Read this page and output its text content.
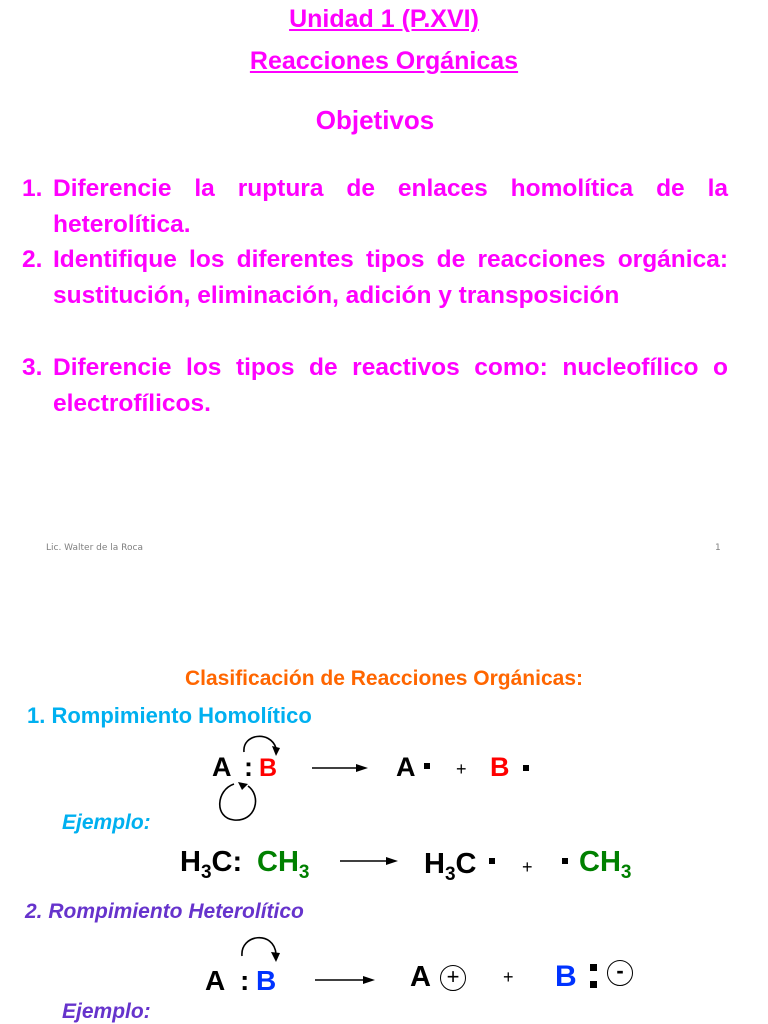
Unidad 1 (P.XVI)
Reacciones Orgánicas
Objetivos
1. Diferencie la ruptura de enlaces homolítica de la heterolítica.
2. Identifique los diferentes tipos de reacciones orgánica: sustitución, eliminación, adición y transposición
3. Diferencie los tipos de reactivos como: nucleofílico o electrofílicos.
Lic. Walter de la Roca	1
Clasificación de Reacciones Orgánicas:
1. Rompimiento Homolítico
A : B → A + B
Ejemplo:
$H_3C$: $CH_3 \to H_3C$	+ $CH_3$
2. Rompimiento Heterolítico
A : B	A +	+ B	-
Ejemplo:
